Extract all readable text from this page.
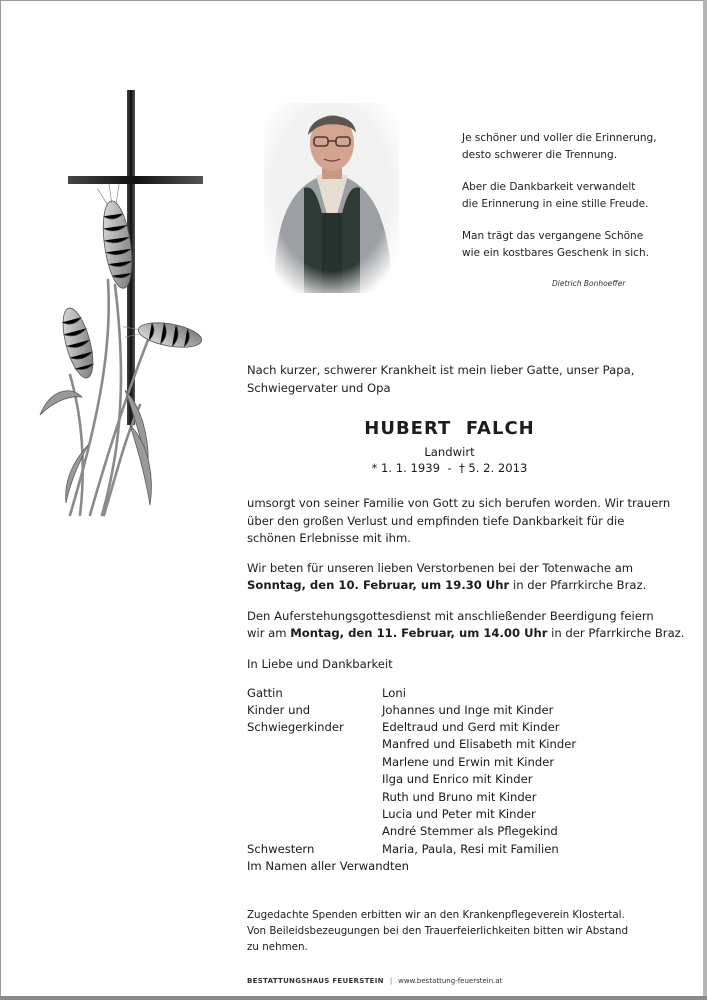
Je schöner und voller die Erinnerung,
desto schwerer die Trennung.
Aber die Dankbarkeit verwandelt
die Erinnerung in eine stille Freude.
Man trägt das vergangene Schöne
wie ein kostbares Geschenk in sich.
Dietrich Bonhoeffer
Nach kurzer, schwerer Krankheit ist mein lieber Gatte, unser Papa,
Schwiegervater und Opa
HUBERT  FALCH
Landwirt
* 1. 1. 1939  -  † 5. 2. 2013
umsorgt von seiner Familie von Gott zu sich berufen worden. Wir trauern
über den großen Verlust und empfinden tiefe Dankbarkeit für die
schönen Erlebnisse mit ihm.
Wir beten für unseren lieben Verstorbenen bei der Totenwache am
Sonntag, den 10. Februar, um 19.30 Uhr in der Pfarrkirche Braz.
Den Auferstehungsgottesdienst mit anschließender Beerdigung feiern
wir am Montag, den 11. Februar, um 14.00 Uhr in der Pfarrkirche Braz.
In Liebe und Dankbarkeit
Gattin
Kinder und
Schwiegerkinder
Schwestern
Im Namen aller Verwandten
Loni
Johannes und Inge mit Kinder
Edeltraud und Gerd mit Kinder
Manfred und Elisabeth mit Kinder
Marlene und Erwin mit Kinder
Ilga und Enrico mit Kinder
Ruth und Bruno mit Kinder
Lucia und Peter mit Kinder
André Stemmer als Pflegekind
Maria, Paula, Resi mit Familien
Zugedachte Spenden erbitten wir an den Krankenpflegeverein Klostertal.
Von Beileidsbezeugungen bei den Trauerfeierlichkeiten bitten wir Abstand
zu nehmen.
BESTATTUNGSHAUS FEUERSTEIN | www.bestattung-feuerstein.at
